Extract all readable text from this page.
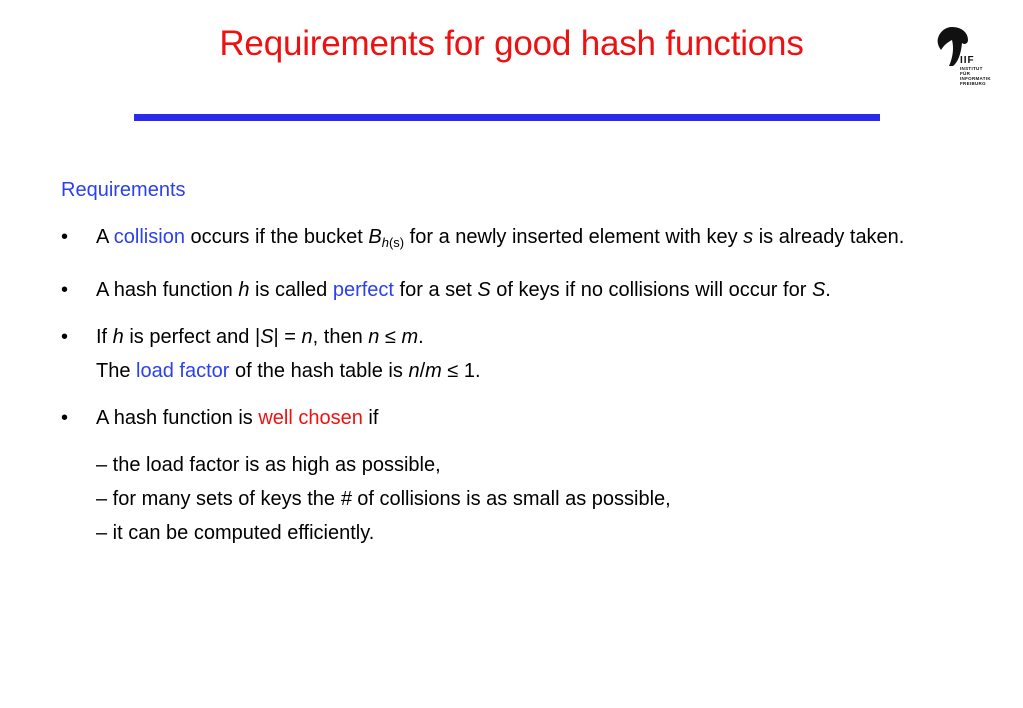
Requirements for good hash functions	IIF
INSTITUT FÜR
INFORMATIK
FREIBURG
Requirements
• A collision occurs if the bucket $B_{h(s)}$ for a newly inserted element with key s is already taken.
• A hash function h is called perfect for a set S of keys if no collisions will occur for S.
• If h is perfect and |S| = n, then n ≤ m.
The load factor of the hash table is n/m ≤ 1.
• A hash function is well chosen if
– the load factor is as high as possible,
– for many sets of keys the # of collisions is as small as possible,
– it can be computed efficiently.
